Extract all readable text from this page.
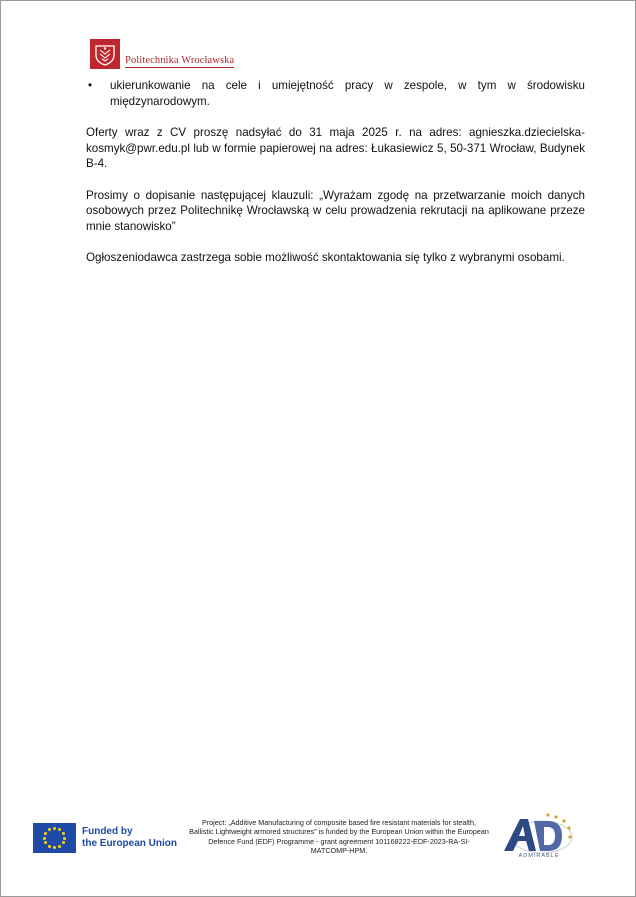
Politechnika Wrocławska
•	ukierunkowanie na cele i umiejętność pracy w zespole, w tym w środowisku międzynarodowym.

Oferty wraz z CV proszę nadsyłać do 31 maja 2025 r. na adres: agnieszka.dziecielska-kosmyk@pwr.edu.pl lub w formie papierowej na adres: Łukasiewicz 5, 50-371 Wrocław, Budynek B-4.

Prosimy o dopisanie następującej klauzuli: „Wyrażam zgodę na przetwarzanie moich danych osobowych przez Politechnikę Wrocławską w celu prowadzenia rekrutacji na aplikowane przeze mnie stanowisko”

Ogłoszeniodawca zastrzega sobie możliwość skontaktowania się tylko z wybranymi osobami.

Funded by
the European Union
Project: „Additive Manufacturing of composite based fire resistant materials for stealth, Ballistic Lightweight armored structures” is funded by the European Union within the European Defence Fund (EDF) Programme - grant agreement 101168222-EDF-2023-RA-SI-MATCOMP-HPM.
ADMIRABLE
